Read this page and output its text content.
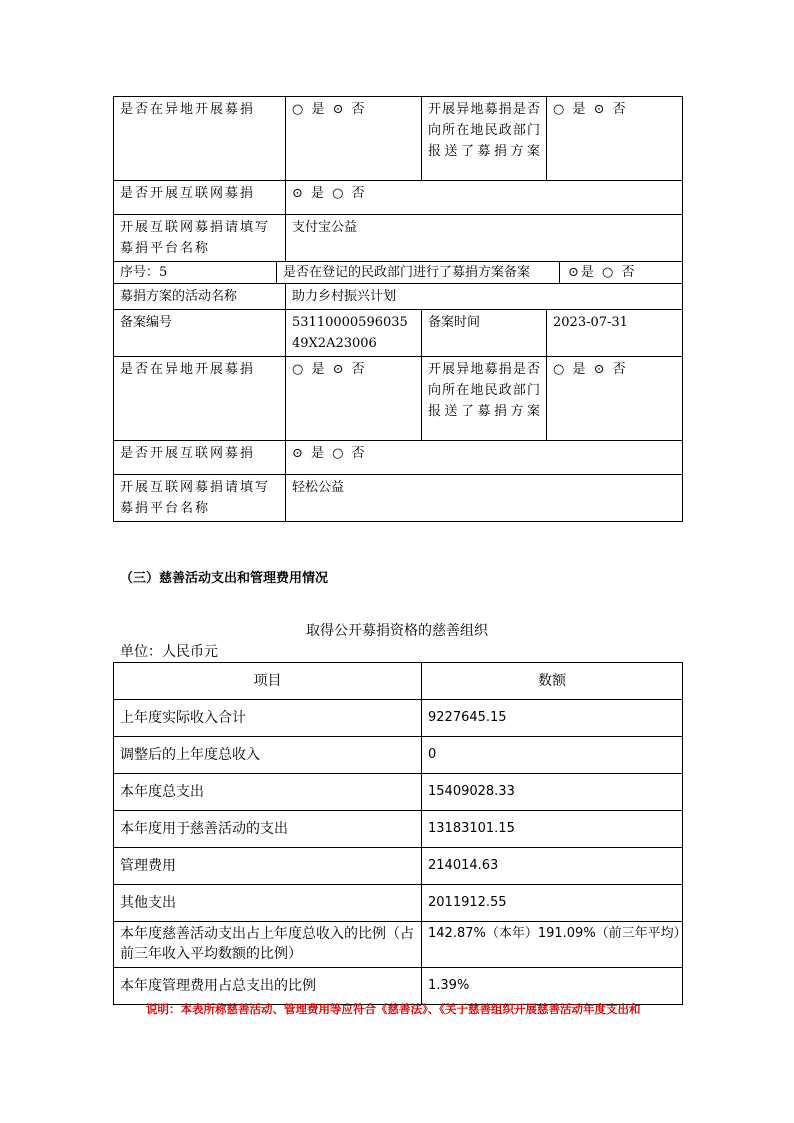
是否在异地开展募捐	○ 是 ⊙ 否	开展异地募捐是否向所在地民政部门报送了募捐方案	○ 是 ⊙ 否
是否开展互联网募捐	⊙ 是 ○ 否		
开展互联网募捐请填写募捐平台名称	支付宝公益		

序号：5 是否在登记的民政部门进行了募捐方案备案 ⊙是 ○ 否			

募捐方案的活动名称	助力乡村振兴计划		
备案编号	5311000059603549X2A23006	备案时间	2023-07-31
是否在异地开展募捐	○ 是 ⊙ 否	开展异地募捐是否向所在地民政部门报送了募捐方案	○ 是 ⊙ 否
是否开展互联网募捐	⊙ 是 ○ 否		
开展互联网募捐请填写募捐平台名称	轻松公益		
（三）慈善活动支出和管理费用情况
取得公开募捐资格的慈善组织
单位：人民币元
项目	数额
上年度实际收入合计	9227645.15
调整后的上年度总收入	0
本年度总支出	15409028.33
本年度用于慈善活动的支出	13183101.15
管理费用	214014.63
其他支出	2011912.55
本年度慈善活动支出占上年度总收入的比例（占前三年收入平均数额的比例）	142.87%（本年）191.09%（前三年平均）
本年度管理费用占总支出的比例	1.39%
说明：本表所称慈善活动、管理费用等应符合《慈善法》、《关于慈善组织开展慈善活动年度支出和
